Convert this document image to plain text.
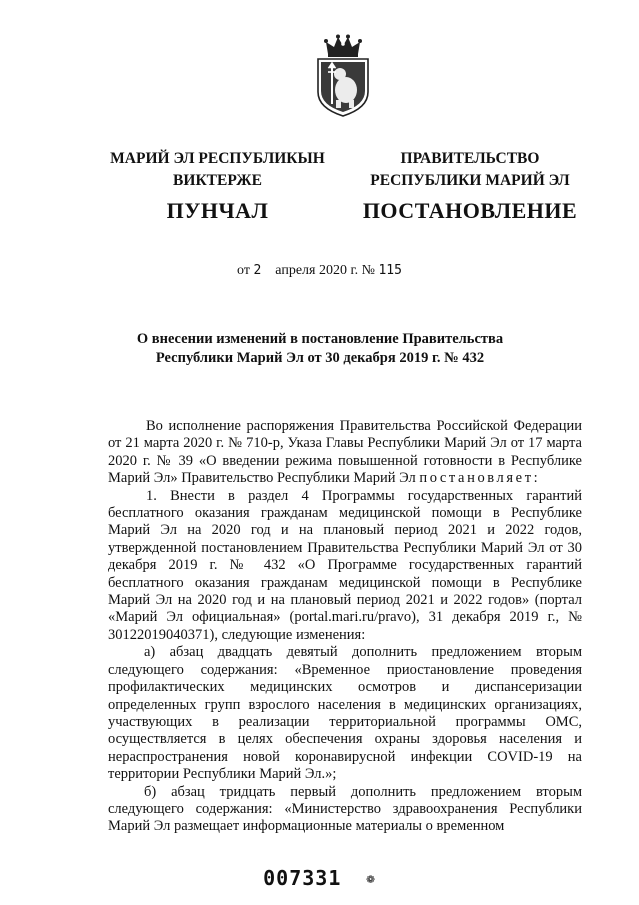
МАРИЙ ЭЛ РЕСПУБЛИКЫН
ВИКТЕРЖЕ
ПУНЧАЛ
ПРАВИТЕЛЬСТВО
РЕСПУБЛИКИ МАРИЙ ЭЛ
ПОСТАНОВЛЕНИЕ
от 2 апреля 2020 г. № 115
О внесении изменений в постановление Правительства
Республики Марий Эл от 30 декабря 2019 г. № 432

Во исполнение распоряжения Правительства Российской Федерации от 21 марта 2020 г. № 710-р, Указа Главы Республики Марий Эл от 17 марта 2020 г. № 39 «О введении режима повышенной готовности в Республике Марий Эл» Правительство Республики Марий Эл постановляет:

1. Внести в раздел 4 Программы государственных гарантий бесплатного оказания гражданам медицинской помощи в Республике Марий Эл на 2020 год и на плановый период 2021 и 2022 годов, утвержденной постановлением Правительства Республики Марий Эл от 30 декабря 2019 г. № 432 «О Программе государственных гарантий бесплатного оказания гражданам медицинской помощи в Республике Марий Эл на 2020 год и на плановый период 2021 и 2022 годов» (портал «Марий Эл официальная» (portal.mari.ru/pravo), 31 декабря 2019 г., № 30122019040371), следующие изменения:

а) абзац двадцать девятый дополнить предложением вторым следующего содержания: «Временное приостановление проведения профилактических медицинских осмотров и диспансеризации определенных групп взрослого населения в медицинских организациях, участвующих в реализации территориальной программы ОМС, осуществляется в целях обеспечения охраны здоровья населения и нераспространения новой коронавирусной инфекции COVID-19 на территории Республики Марий Эл.»;

б) абзац тридцать первый дополнить предложением вторым следующего содержания: «Министерство здравоохранения Республики Марий Эл размещает информационные материалы о временном

007331 ❁
